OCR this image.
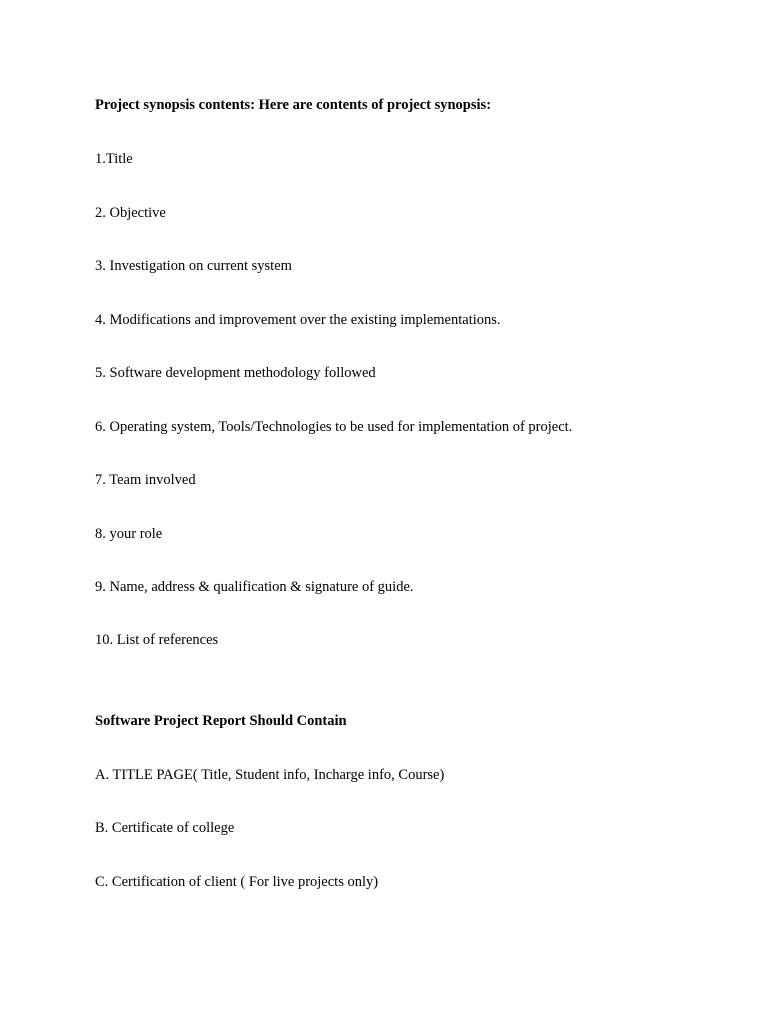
Project synopsis contents: Here are contents of project synopsis:
1.Title
2. Objective
3. Investigation on current system
4. Modifications and improvement over the existing implementations.
5. Software development methodology followed
6. Operating system, Tools/Technologies to be used for implementation of project.
7. Team involved
8. your role
9. Name, address & qualification & signature of guide.
10. List of references
Software Project Report Should Contain
A. TITLE PAGE( Title, Student info, Incharge info, Course)
B. Certificate of college
C. Certification of client ( For live projects only)
